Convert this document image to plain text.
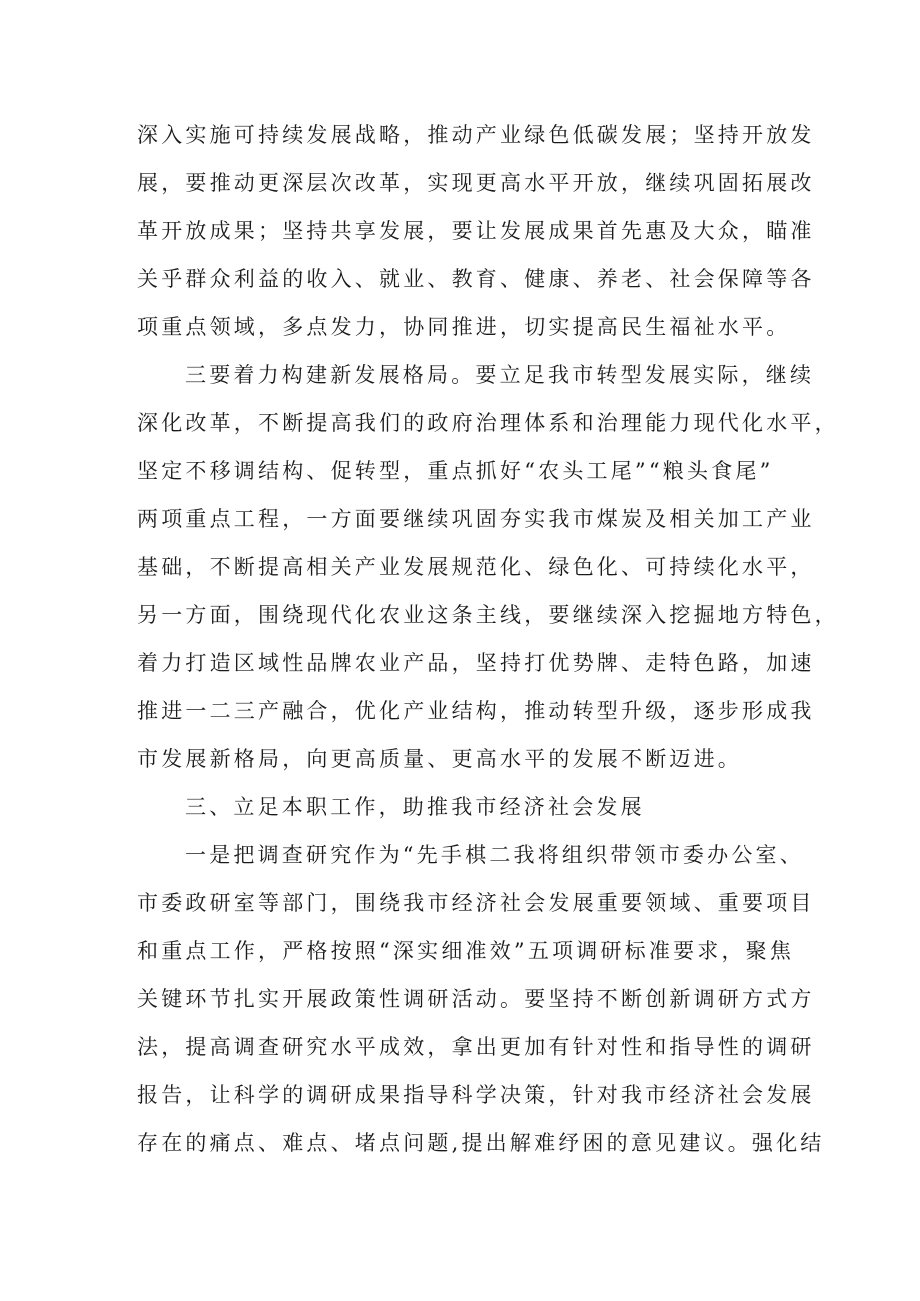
深入实施可持续发展战略，推动产业绿色低碳发展；坚持开放发
展，要推动更深层次改革，实现更高水平开放，继续巩固拓展改
革开放成果；坚持共享发展，要让发展成果首先惠及大众，瞄准
关乎群众利益的收入、就业、教育、健康、养老、社会保障等各
项重点领域，多点发力，协同推进，切实提高民生福祉水平。
三要着力构建新发展格局。要立足我市转型发展实际，继续
深化改革，不断提高我们的政府治理体系和治理能力现代化水平，
坚定不移调结构、促转型，重点抓好“农头工尾”“粮头食尾”
两项重点工程，一方面要继续巩固夯实我市煤炭及相关加工产业
基础，不断提高相关产业发展规范化、绿色化、可持续化水平，
另一方面，围绕现代化农业这条主线，要继续深入挖掘地方特色，
着力打造区域性品牌农业产品，坚持打优势牌、走特色路，加速
推进一二三产融合，优化产业结构，推动转型升级，逐步形成我
市发展新格局，向更高质量、更高水平的发展不断迈进。
三、立足本职工作，助推我市经济社会发展
一是把调查研究作为“先手棋二我将组织带领市委办公室、
市委政研室等部门，围绕我市经济社会发展重要领域、重要项目
和重点工作，严格按照“深实细准效”五项调研标准要求，聚焦
关键环节扎实开展政策性调研活动。要坚持不断创新调研方式方
法，提高调查研究水平成效，拿出更加有针对性和指导性的调研
报告，让科学的调研成果指导科学决策，针对我市经济社会发展
存在的痛点、难点、堵点问题,提出解难纾困的意见建议。强化结
